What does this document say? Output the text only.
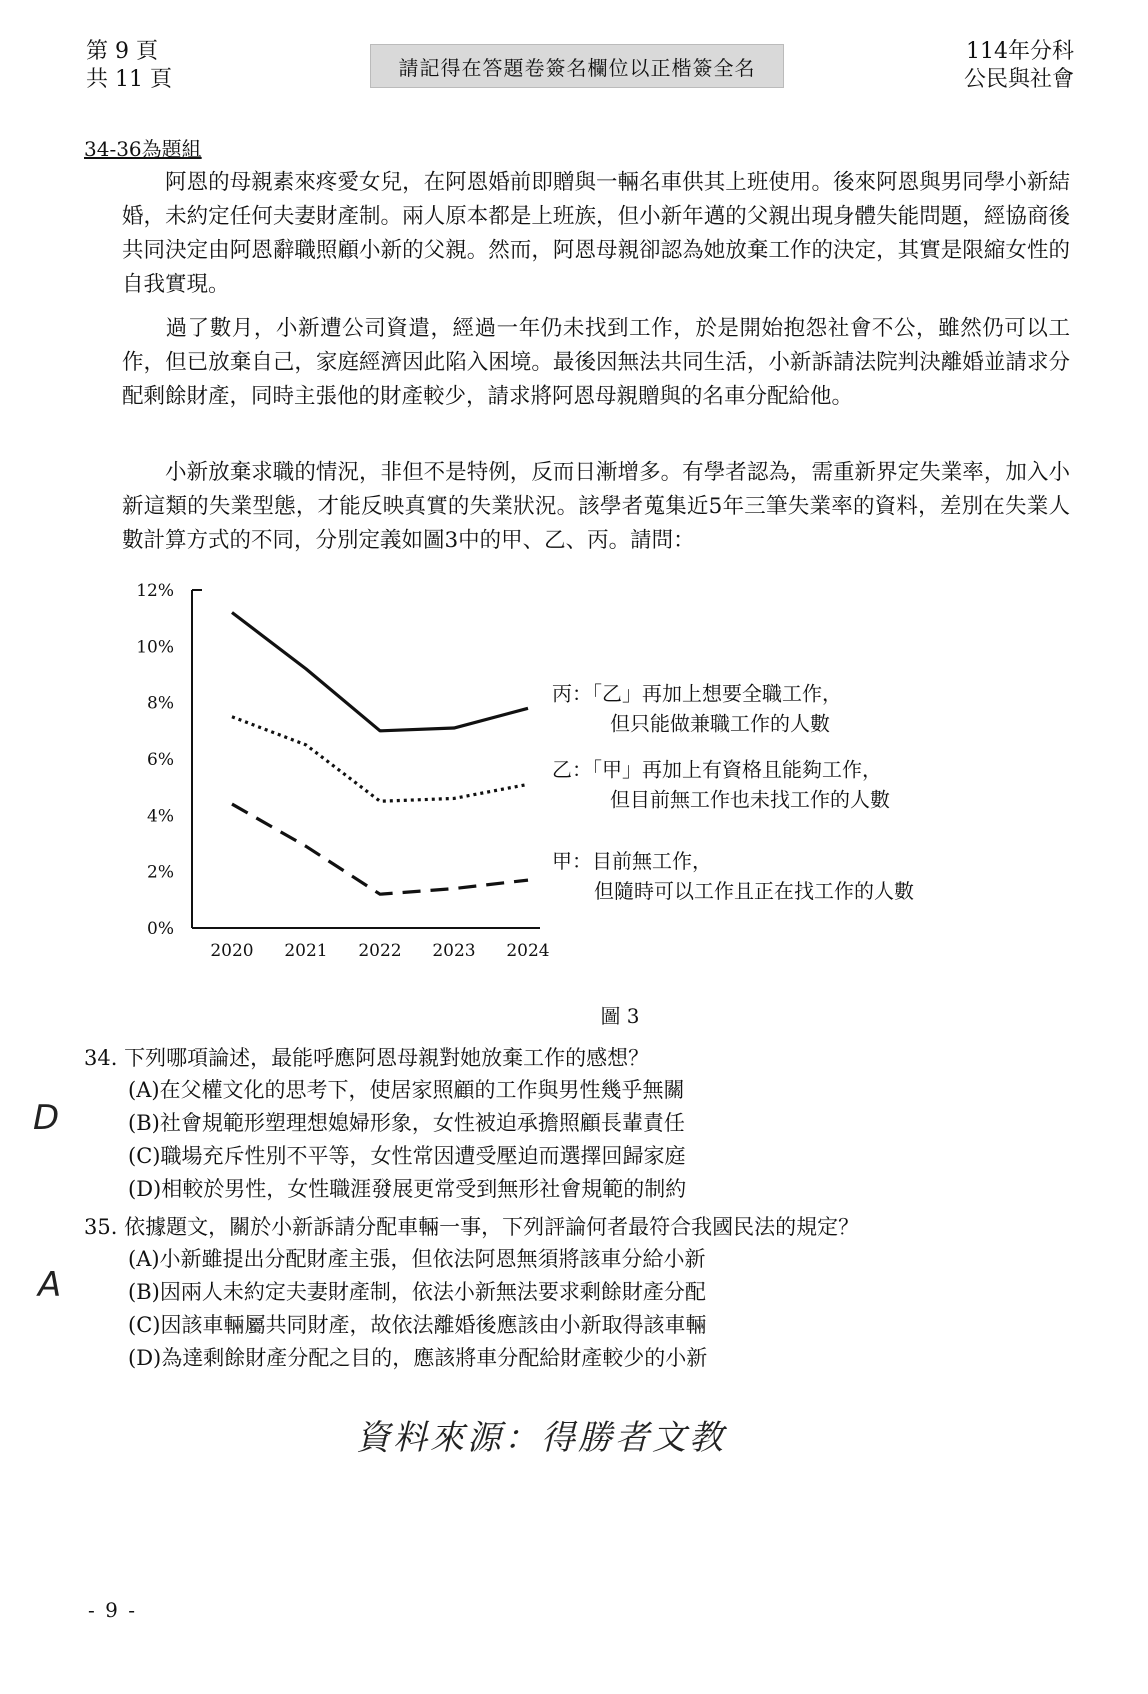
第 9 頁
共 11 頁	請記得在答題卷簽名欄位以正楷簽全名
114年分科
公民與社會
34-36為題組
阿恩的母親素來疼愛女兒，在阿恩婚前即贈與一輛名車供其上班使用。後來阿恩與男同學小新結婚，未約定任何夫妻財產制。兩人原本都是上班族，但小新年邁的父親出現身體失能問題，經協商後共同決定由阿恩辭職照顧小新的父親。然而，阿恩母親卻認為她放棄工作的決定，其實是限縮女性的自我實現。
過了數月，小新遭公司資遣，經過一年仍未找到工作，於是開始抱怨社會不公，雖然仍可以工作，但已放棄自己，家庭經濟因此陷入困境。最後因無法共同生活，小新訴請法院判決離婚並請求分配剩餘財產，同時主張他的財產較少，請求將阿恩母親贈與的名車分配給他。
小新放棄求職的情況，非但不是特例，反而日漸增多。有學者認為，需重新界定失業率，加入小新這類的失業型態，才能反映真實的失業狀況。該學者蒐集近5年三筆失業率的資料，差別在失業人數計算方式的不同，分別定義如圖3中的甲、乙、丙。請問：
0%
2%
4%
6%
8%
10%
12%
2020 2021 2022 2023 2024
丙：「乙」再加上想要全職工作，
但只能做兼職工作的人數
乙：「甲」再加上有資格且能夠工作，
但目前無工作也未找工作的人數
甲：目前無工作，
但隨時可以工作且正在找工作的人數
圖 3
34. 下列哪項論述，最能呼應阿恩母親對她放棄工作的感想？
(A)在父權文化的思考下，使居家照顧的工作與男性幾乎無關
(B)社會規範形塑理想媳婦形象，女性被迫承擔照顧長輩責任
(C)職場充斥性別不平等，女性常因遭受壓迫而選擇回歸家庭
(D)相較於男性，女性職涯發展更常受到無形社會規範的制約
D
35. 依據題文，關於小新訴請分配車輛一事，下列評論何者最符合我國民法的規定？
(A)小新雖提出分配財產主張，但依法阿恩無須將該車分給小新
(B)因兩人未約定夫妻財產制，依法小新無法要求剩餘財產分配
(C)因該車輛屬共同財產，故依法離婚後應該由小新取得該車輛
(D)為達剩餘財產分配之目的，應該將車分配給財產較少的小新
A
資料來源：得勝者文教
- 9 -
